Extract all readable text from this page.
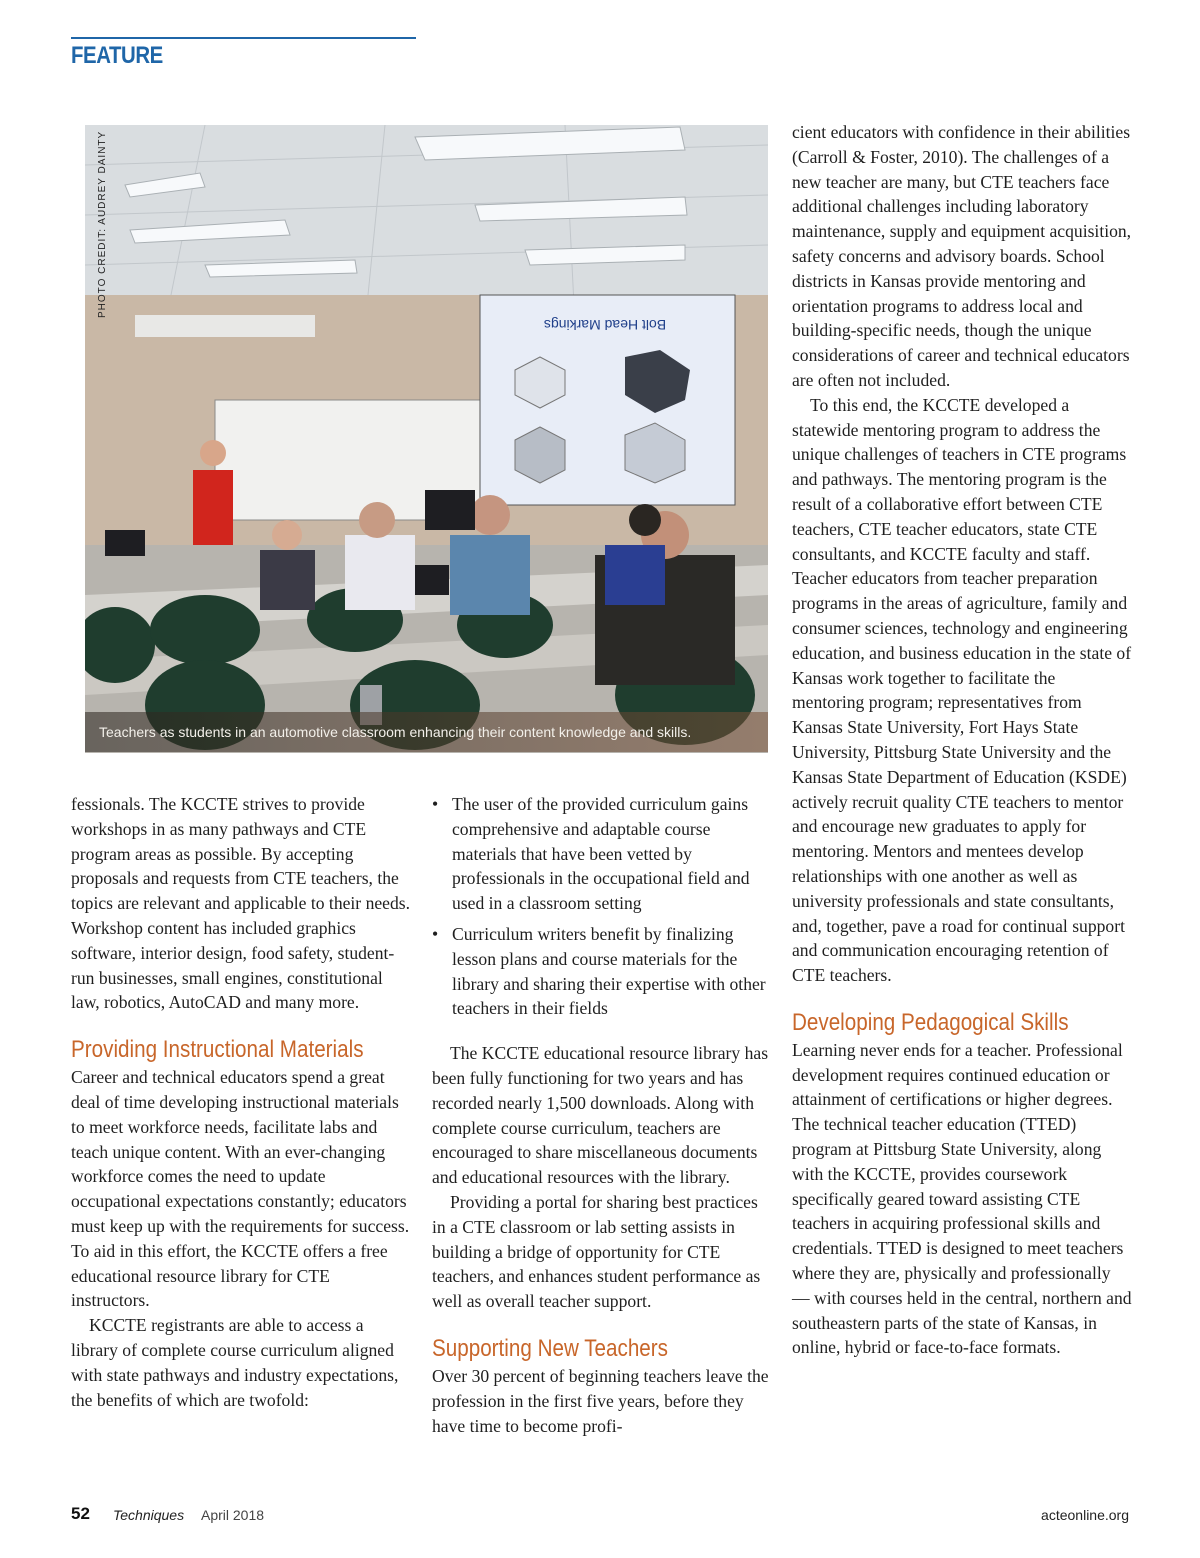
FEATURE
Bolt Head Markings
PHOTO CREDIT: AUDREY DAINTY
Teachers as students in an automotive classroom enhancing their content knowledge and skills.

fessionals. The KCCTE strives to provide workshops in as many pathways and CTE program areas as possible. By accepting proposals and requests from CTE teachers, the topics are relevant and applicable to their needs. Workshop content has included graphics software, interior design, food safety, student-run businesses, small engines, constitutional law, robotics, AutoCAD and many more.

Providing Instructional Materials

Career and technical educators spend a great deal of time developing instructional materials to meet workforce needs, facilitate labs and teach unique content. With an ever-changing workforce comes the need to update occupational expectations constantly; educators must keep up with the requirements for success. To aid in this effort, the KCCTE offers a free educational resource library for CTE instructors.

KCCTE registrants are able to access a library of complete course curriculum aligned with state pathways and industry expectations, the benefits of which are twofold:

• The user of the provided curriculum gains comprehensive and adaptable course materials that have been vetted by professionals in the occupational field and used in a classroom setting
• Curriculum writers benefit by finalizing lesson plans and course materials for the library and sharing their expertise with other teachers in their fields

The KCCTE educational resource library has been fully functioning for two years and has recorded nearly 1,500 downloads. Along with complete course curriculum, teachers are encouraged to share miscellaneous documents and educational resources with the library.

Providing a portal for sharing best practices in a CTE classroom or lab setting assists in building a bridge of opportunity for CTE teachers, and enhances student performance as well as overall teacher support.

Supporting New Teachers

Over 30 percent of beginning teachers leave the profession in the first five years, before they have time to become profi-

cient educators with confidence in their abilities (Carroll & Foster, 2010). The challenges of a new teacher are many, but CTE teachers face additional challenges including laboratory maintenance, supply and equipment acquisition, safety concerns and advisory boards. School districts in Kansas provide mentoring and orientation programs to address local and building-specific needs, though the unique considerations of career and technical educators are often not included.

To this end, the KCCTE developed a statewide mentoring program to address the unique challenges of teachers in CTE programs and pathways. The mentoring program is the result of a collaborative effort between CTE teachers, CTE teacher educators, state CTE consultants, and KCCTE faculty and staff. Teacher educators from teacher preparation programs in the areas of agriculture, family and consumer sciences, technology and engineering education, and business education in the state of Kansas work together to facilitate the mentoring program; representatives from Kansas State University, Fort Hays State University, Pittsburg State University and the Kansas State Department of Education (KSDE) actively recruit quality CTE teachers to mentor and encourage new graduates to apply for mentoring. Mentors and mentees develop relationships with one another as well as university professionals and state consultants, and, together, pave a road for continual support and communication encouraging retention of CTE teachers.

Developing Pedagogical Skills

Learning never ends for a teacher. Professional development requires continued education or attainment of certifications or higher degrees. The technical teacher education (TTED) program at Pittsburg State University, along with the KCCTE, provides coursework specifically geared toward assisting CTE teachers in acquiring professional skills and credentials. TTED is designed to meet teachers where they are, physically and professionally — with courses held in the central, northern and southeastern parts of the state of Kansas, in online, hybrid or face-to-face formats.

52 Techniques April 2018	acteonline.org
